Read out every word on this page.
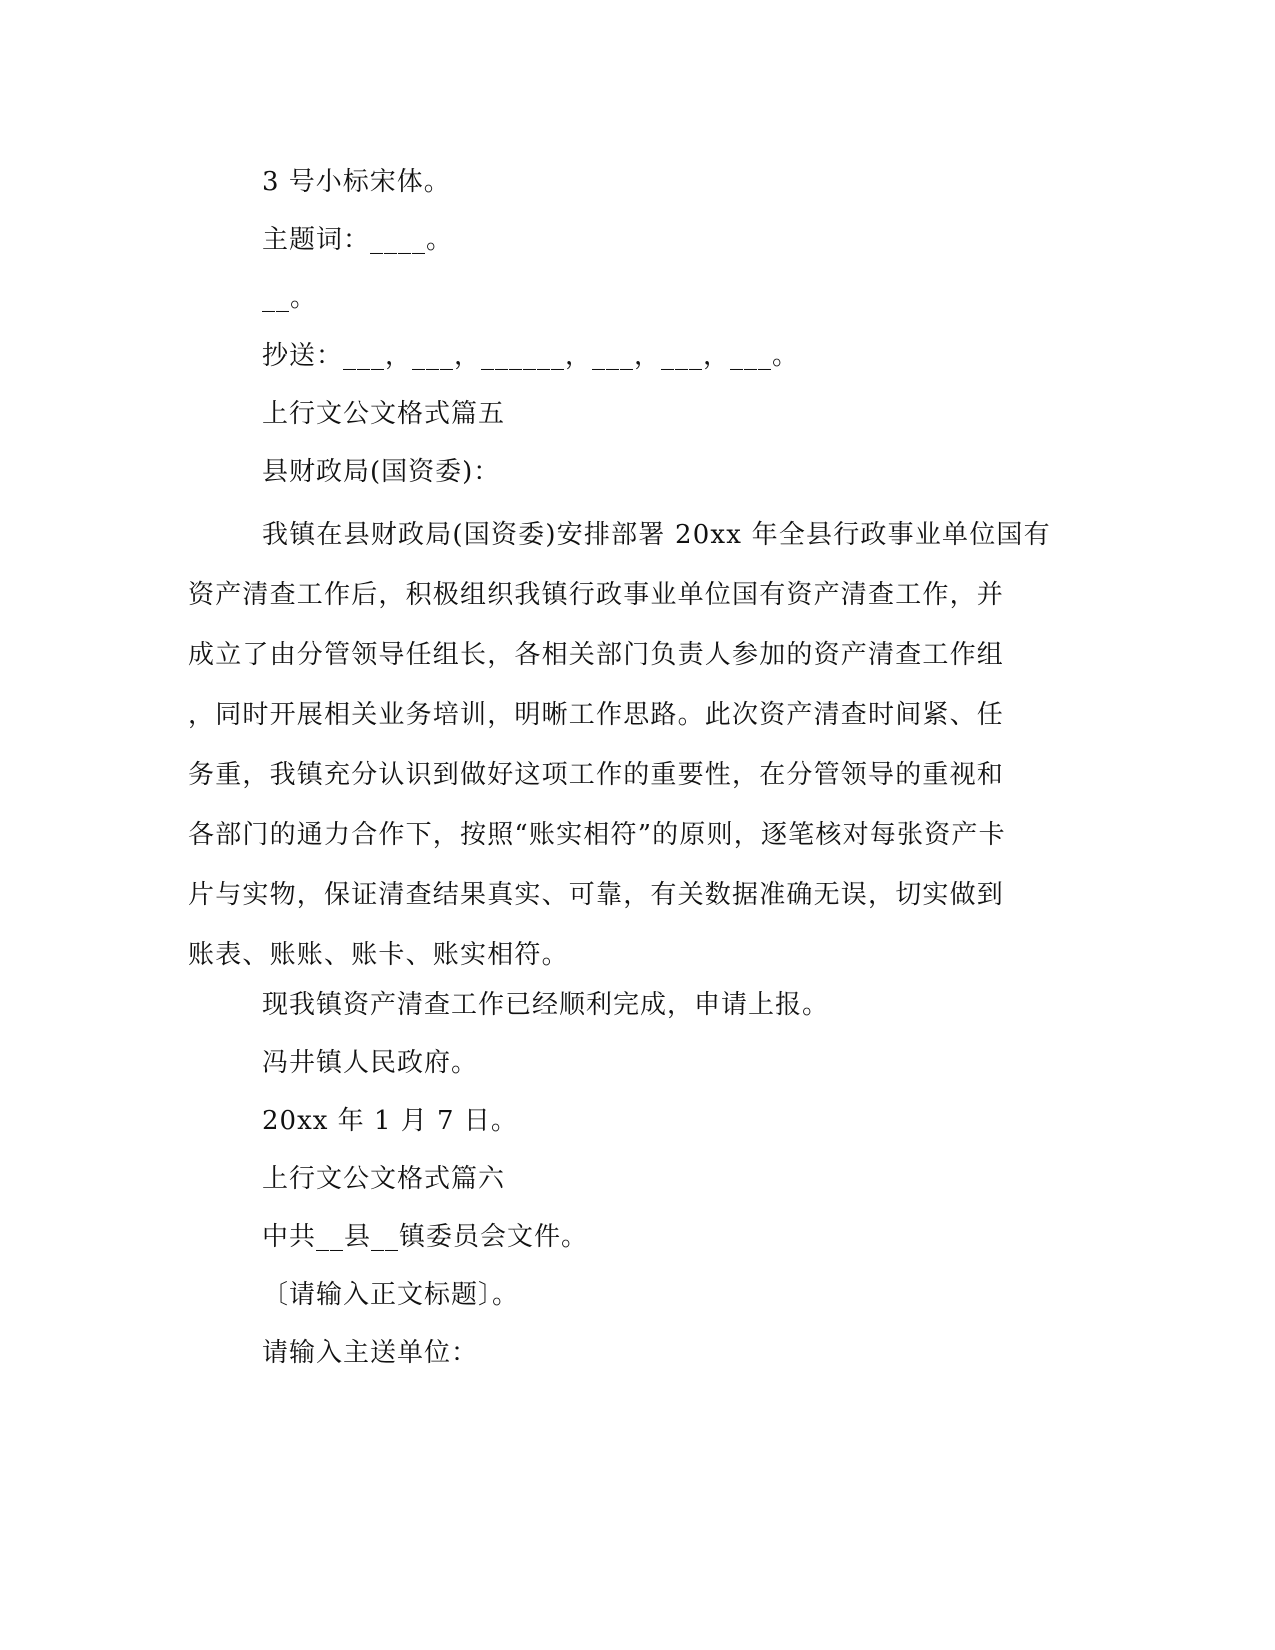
3 号小标宋体。
主题词：____。
__。
抄送：___，___，______，___，___，___。
上行文公文格式篇五
县财政局(国资委)：
我镇在县财政局(国资委)安排部署 20xx 年全县行政事业单位国有
资产清查工作后，积极组织我镇行政事业单位国有资产清查工作，并
成立了由分管领导任组长，各相关部门负责人参加的资产清查工作组
，同时开展相关业务培训，明晰工作思路。此次资产清查时间紧、任
务重，我镇充分认识到做好这项工作的重要性，在分管领导的重视和
各部门的通力合作下，按照“账实相符”的原则，逐笔核对每张资产卡
片与实物，保证清查结果真实、可靠，有关数据准确无误，切实做到
账表、账账、账卡、账实相符。
现我镇资产清查工作已经顺利完成，申请上报。
冯井镇人民政府。
20xx 年 1 月 7 日。
上行文公文格式篇六
中共__县__镇委员会文件。
〔请输入正文标题〕。
请输入主送单位：
